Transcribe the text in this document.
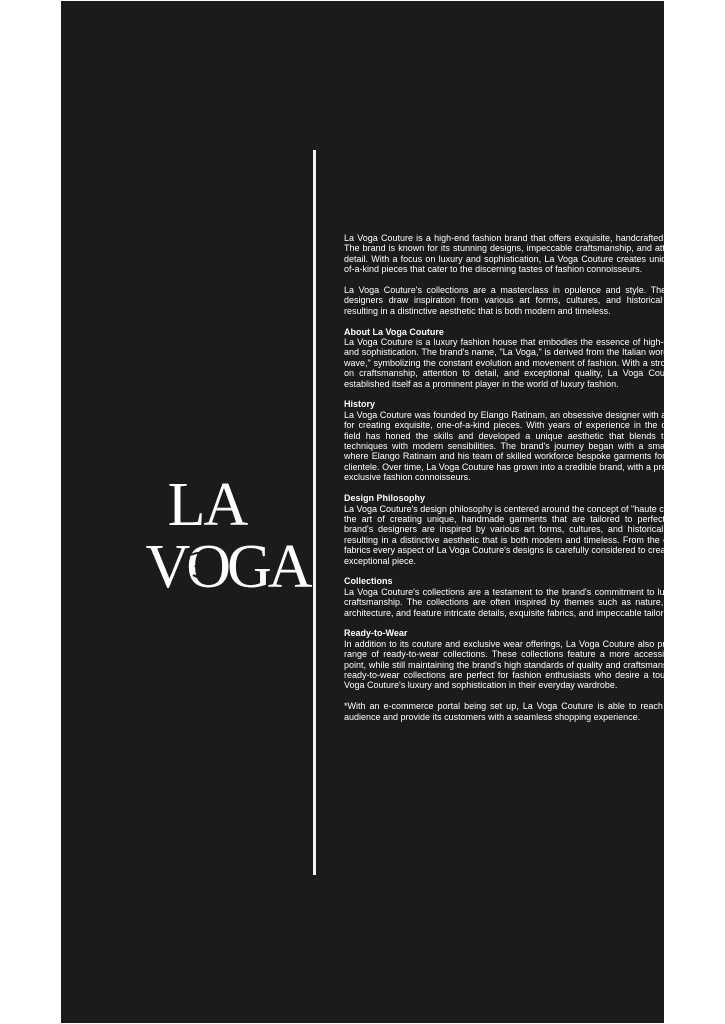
LA
VOGA

La Voga Couture is a high-end fashion brand that offers exquisite, handcrafted clothing. The brand is known for its stunning designs, impeccable craftsmanship, and attention to detail. With a focus on luxury and sophistication, La Voga Couture creates unique, one-of-a-kind pieces that cater to the discerning tastes of fashion connoisseurs.

La Voga Couture's collections are a masterclass in opulence and style. The brand's designers draw inspiration from various art forms, cultures, and historical periods, resulting in a distinctive aesthetic that is both modern and timeless.

About La Voga Couture

La Voga Couture is a luxury fashion house that embodies the essence of high-end style and sophistication. The brand's name, "La Voga," is derived from the Italian word for "the wave," symbolizing the constant evolution and movement of fashion. With a strong focus on craftsmanship, attention to detail, and exceptional quality, La Voga Couture has established itself as a prominent player in the world of luxury fashion.

History

La Voga Couture was founded by Elango Ratinam, an obsessive designer with a passion for creating exquisite, one-of-a-kind pieces. With years of experience in the designing field has honed the skills and developed a unique aesthetic that blends traditional techniques with modern sensibilities. The brand's journey began with a small atelier, where Elango Ratinam and his team of skilled workforce bespoke garments for a select clientele. Over time, La Voga Couture has grown into a credible brand, with a presence in exclusive fashion connoisseurs.

Design Philosophy

La Voga Couture's design philosophy is centered around the concept of "haute couture" – the art of creating unique, handmade garments that are tailored to perfection. The brand's designers are inspired by various art forms, cultures, and historical periods, resulting in a distinctive aesthetic that is both modern and timeless. From the choice of fabrics every aspect of La Voga Couture's designs is carefully considered to create a truly exceptional piece.

Collections

La Voga Couture's collections are a testament to the brand's commitment to luxury and craftsmanship. The collections are often inspired by themes such as nature, art, and architecture, and feature intricate details, exquisite fabrics, and impeccable tailoring.

Ready-to-Wear

In addition to its couture and exclusive wear offerings, La Voga Couture also presents a range of ready-to-wear collections. These collections feature a more accessible price point, while still maintaining the brand's high standards of quality and craftsmanship. The ready-to-wear collections are perfect for fashion enthusiasts who desire a touch of La Voga Couture's luxury and sophistication in their everyday wardrobe.

*With an e-commerce portal being set up, La Voga Couture is able to reach a global audience and provide its customers with a seamless shopping experience.
